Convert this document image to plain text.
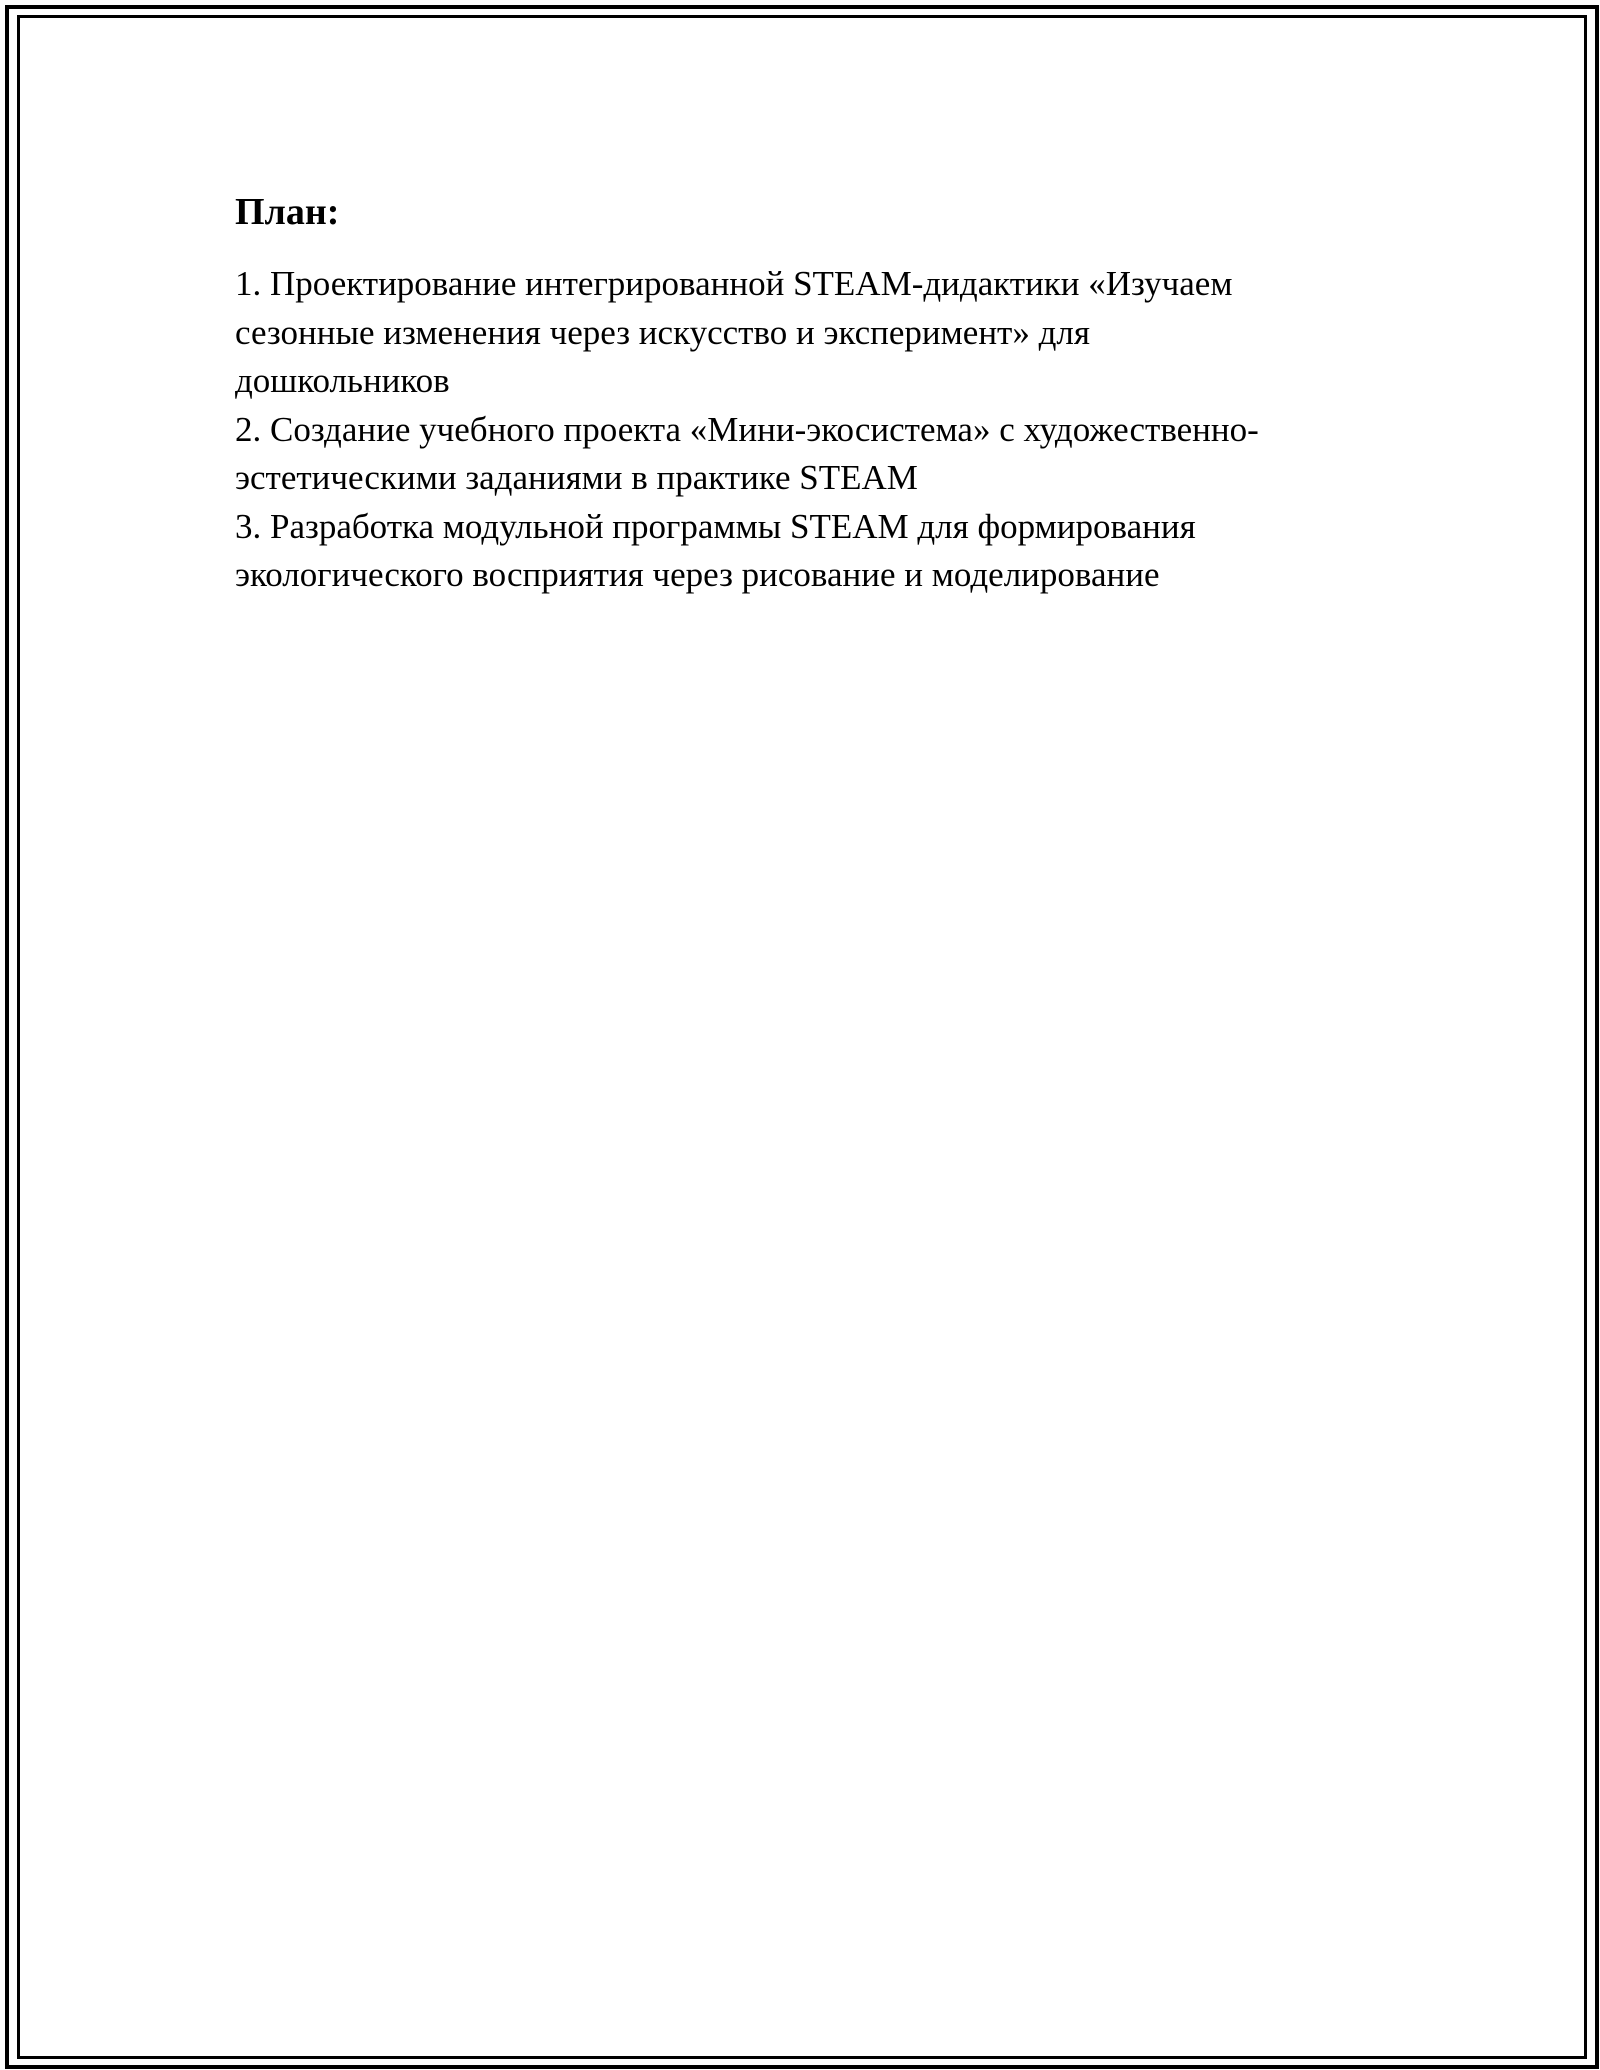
План:
1. Проектирование интегрированной STEAM-дидактики «Изучаем
сезонные изменения через искусство и эксперимент» для
дошкольников
2. Создание учебного проекта «Мини-экосистема» с художественно-
эстетическими заданиями в практике STEAM
3. Разработка модульной программы STEAM для формирования
экологического восприятия через рисование и моделирование
